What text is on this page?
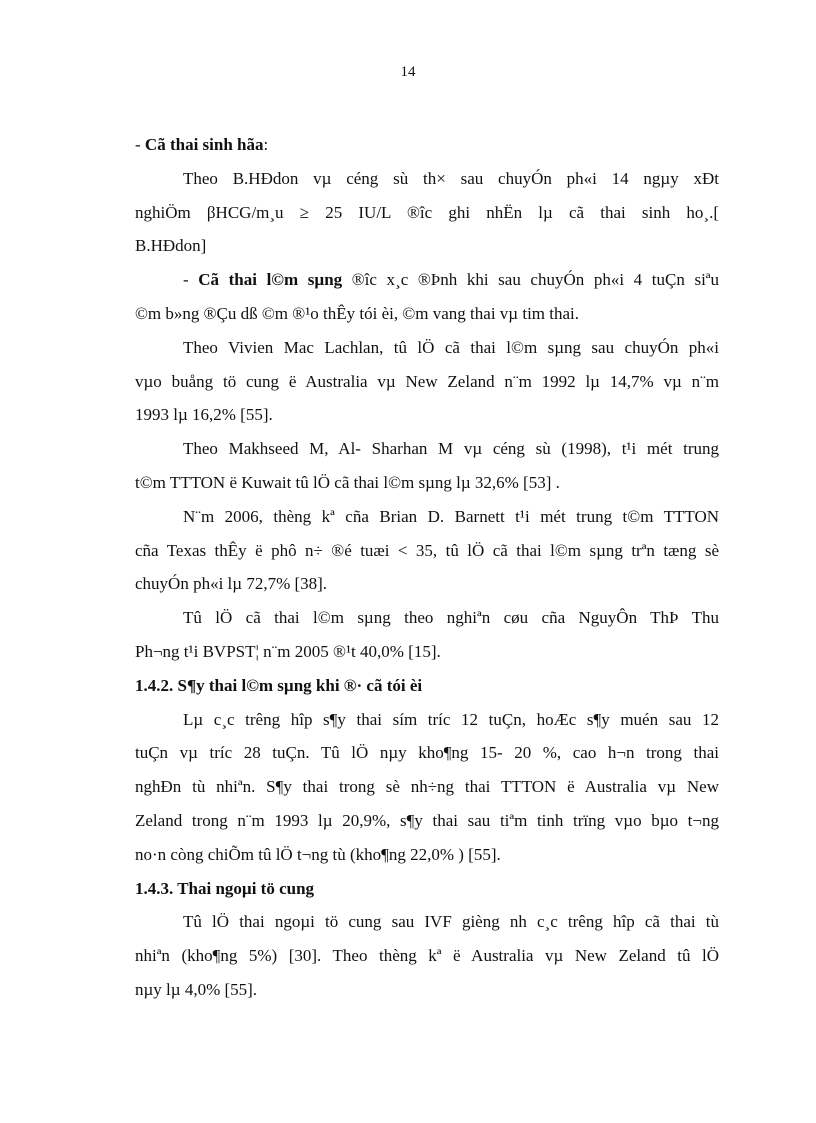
14
- Cã thai sinh hãa:
Theo B.HÐdon vµ céng sù th× sau chuyÓn ph«i 14 ngµy xÐt
nghiÖm βHCG/m¸u ≥ 25 IU/L ®îc ghi nhËn lµ cã thai sinh ho¸.[
B.HÐdon]
- Cã thai l©m sµng ®îc x¸c ®Þnh khi sau chuyÓn ph«i 4 tuÇn siªu
©m b»ng ®Çu dß ©m ®¹o thÊy tói èi, ©m vang thai vµ tim thai.
Theo Vivien Mac Lachlan, tû lÖ cã thai l©m sµng sau chuyÓn ph«i
vµo buång tö cung ë Australia vµ New Zeland n¨m 1992 lµ 14,7% vµ n¨m
1993 lµ 16,2% [55].
Theo Makhseed M, Al- Sharhan M vµ céng sù (1998), t¹i mét trung
t©m TTTON ë Kuwait tû lÖ cã thai l©m sµng lµ 32,6% [53] .
N¨m 2006, thèng kª cña Brian D. Barnett t¹i mét trung t©m TTTON
cña Texas thÊy ë phô n÷ ®é tuæi < 35, tû lÖ cã thai l©m sµng trªn tæng sè
chuyÓn ph«i lµ 72,7% [38].
Tû lÖ cã thai l©m sµng theo nghiªn cøu cña NguyÔn ThÞ Thu
Ph¬ng t¹i BVPST¦ n¨m 2005 ®¹t 40,0% [15].
1.4.2. S¶y thai l©m sµng khi ®· cã tói èi
Lµ c¸c trêng hîp s¶y thai sím tríc 12 tuÇn, hoÆc s¶y muén sau 12
tuÇn vµ tríc 28 tuÇn. Tû lÖ nµy kho¶ng 15- 20 %, cao h¬n trong thai
nghÐn tù nhiªn. S¶y thai trong sè nh÷ng thai TTTON ë Australia vµ New
Zeland trong n¨m 1993 lµ 20,9%, s¶y thai sau tiªm tinh trïng vµo bµo t¬ng
no·n còng chiÕm tû lÖ t¬ng tù (kho¶ng 22,0% ) [55].
1.4.3. Thai ngoµi tö cung
Tû lÖ thai ngoµi tö cung sau IVF gièng nh c¸c trêng hîp cã thai tù
nhiªn (kho¶ng 5%) [30]. Theo thèng kª ë Australia vµ New Zeland tû lÖ
nµy lµ 4,0% [55].
